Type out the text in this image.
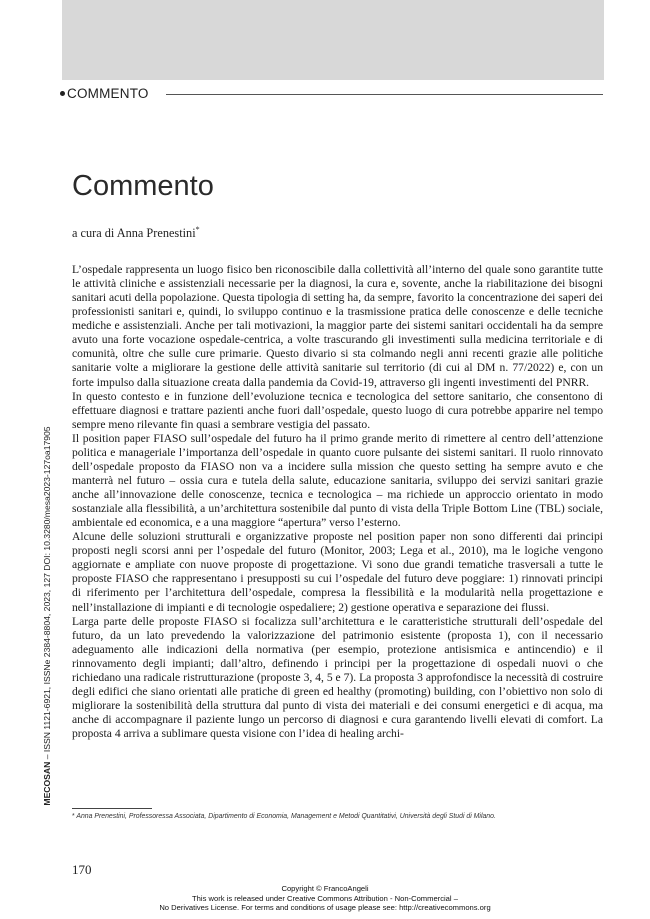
COMMENTO
Commento
a cura di Anna Prenestini*

L’ospedale rappresenta un luogo fisico ben riconoscibile dalla collettività all’interno del quale sono garantite tutte le attività cliniche e assistenziali necessarie per la diagnosi, la cura e, sovente, anche la riabilitazione dei bisogni sanitari acuti della popolazione. Questa tipologia di setting ha, da sempre, favorito la concentrazione dei saperi dei professionisti sanitari e, quindi, lo sviluppo continuo e la trasmissione pratica delle conoscenze e delle tecniche mediche e assistenziali. Anche per tali motivazioni, la maggior parte dei sistemi sanitari occidentali ha da sempre avuto una forte vocazione ospedale-centrica, a volte trascurando gli investimenti sulla medicina territoriale e di comunità, oltre che sulle cure primarie. Questo divario si sta colmando negli anni recenti grazie alle politiche sanitarie volte a migliorare la gestione delle attività sanitarie sul territorio (di cui al DM n. 77/2022) e, con un forte impulso dalla situazione creata dalla pandemia da Covid-19, attraverso gli ingenti investimenti del PNRR.

In questo contesto e in funzione dell’evoluzione tecnica e tecnologica del settore sanitario, che consentono di effettuare diagnosi e trattare pazienti anche fuori dall’ospedale, questo luogo di cura potrebbe apparire nel tempo sempre meno rilevante fin quasi a sembrare vestigia del passato.

Il position paper FIASO sull’ospedale del futuro ha il primo grande merito di rimettere al centro dell’attenzione politica e manageriale l’importanza dell’ospedale in quanto cuore pulsante dei sistemi sanitari. Il ruolo rinnovato dell’ospedale proposto da FIASO non va a incidere sulla mission che questo setting ha sempre avuto e che manterrà nel futuro – ossia cura e tutela della salute, educazione sanitaria, sviluppo dei servizi sanitari grazie anche all’innovazione delle conoscenze, tecnica e tecnologica – ma richiede un approccio orientato in modo sostanziale alla flessibilità, a un’architettura sostenibile dal punto di vista della Triple Bottom Line (TBL) sociale, ambientale ed economica, e a una maggiore “apertura” verso l’esterno.

Alcune delle soluzioni strutturali e organizzative proposte nel position paper non sono differenti dai principi proposti negli scorsi anni per l’ospedale del futuro (Monitor, 2003; Lega et al., 2010), ma le logiche vengono aggiornate e ampliate con nuove proposte di progettazione. Vi sono due grandi tematiche trasversali a tutte le proposte FIASO che rappresentano i presupposti su cui l’ospedale del futuro deve poggiare: 1) rinnovati principi di riferimento per l’architettura dell’ospedale, compresa la flessibilità e la modularità nella progettazione e nell’installazione di impianti e di tecnologie ospedaliere; 2) gestione operativa e separazione dei flussi.

Larga parte delle proposte FIASO si focalizza sull’architettura e le caratteristiche strutturali dell’ospedale del futuro, da un lato prevedendo la valorizzazione del patrimonio esistente (proposta 1), con il necessario adeguamento alle indicazioni della normativa (per esempio, protezione antisismica e antincendio) e il rinnovamento degli impianti; dall’altro, definendo i principi per la progettazione di ospedali nuovi o che richiedano una radicale ristrutturazione (proposte 3, 4, 5 e 7). La proposta 3 approfondisce la necessità di costruire degli edifici che siano orientati alle pratiche di green ed healthy (promoting) building, con l’obiettivo non solo di migliorare la sostenibilità della struttura dal punto di vista dei materiali e dei consumi energetici e di acqua, ma anche di accompagnare il paziente lungo un percorso di diagnosi e cura garantendo livelli elevati di comfort. La proposta 4 arriva a sublimare questa visione con l’idea di healing archi-

MECOSAN – ISSN 1121-6921, ISSNe 2384-8804, 2023, 127 DOI: 10.3280/mesa2023-127oa17905
* Anna Prenestini, Professoressa Associata, Dipartimento di Economia, Management e Metodi Quantitativi, Università degli Studi di Milano.
170
Copyright © FrancoAngeli
This work is released under Creative Commons Attribution - Non-Commercial –
No Derivatives License. For terms and conditions of usage please see: http://creativecommons.org
